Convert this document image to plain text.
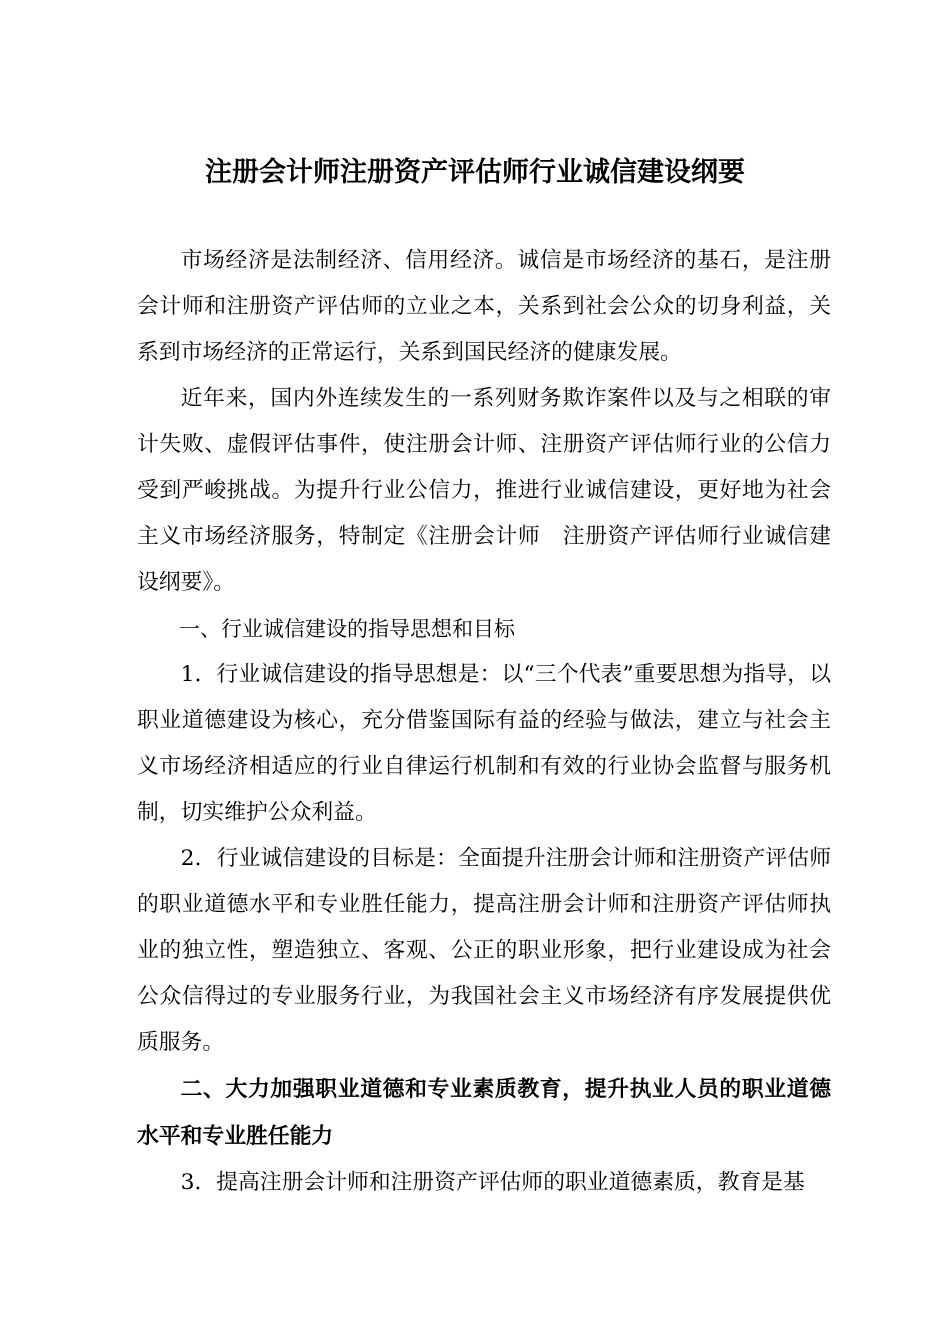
注册会计师注册资产评估师行业诚信建设纲要

市场经济是法制经济、信用经济。诚信是市场经济的基石，是注册会计师和注册资产评估师的立业之本，关系到社会公众的切身利益，关系到市场经济的正常运行，关系到国民经济的健康发展。

近年来，国内外连续发生的一系列财务欺诈案件以及与之相联的审计失败、虚假评估事件，使注册会计师、注册资产评估师行业的公信力受到严峻挑战。为提升行业公信力，推进行业诚信建设，更好地为社会主义市场经济服务，特制定《注册会计师　注册资产评估师行业诚信建设纲要》。

一、行业诚信建设的指导思想和目标

1．行业诚信建设的指导思想是：以“三个代表”重要思想为指导，以职业道德建设为核心，充分借鉴国际有益的经验与做法，建立与社会主义市场经济相适应的行业自律运行机制和有效的行业协会监督与服务机制，切实维护公众利益。

2．行业诚信建设的目标是：全面提升注册会计师和注册资产评估师的职业道德水平和专业胜任能力，提高注册会计师和注册资产评估师执业的独立性，塑造独立、客观、公正的职业形象，把行业建设成为社会公众信得过的专业服务行业，为我国社会主义市场经济有序发展提供优质服务。

二、大力加强职业道德和专业素质教育，提升执业人员的职业道德水平和专业胜任能力

3．提高注册会计师和注册资产评估师的职业道德素质，教育是基
